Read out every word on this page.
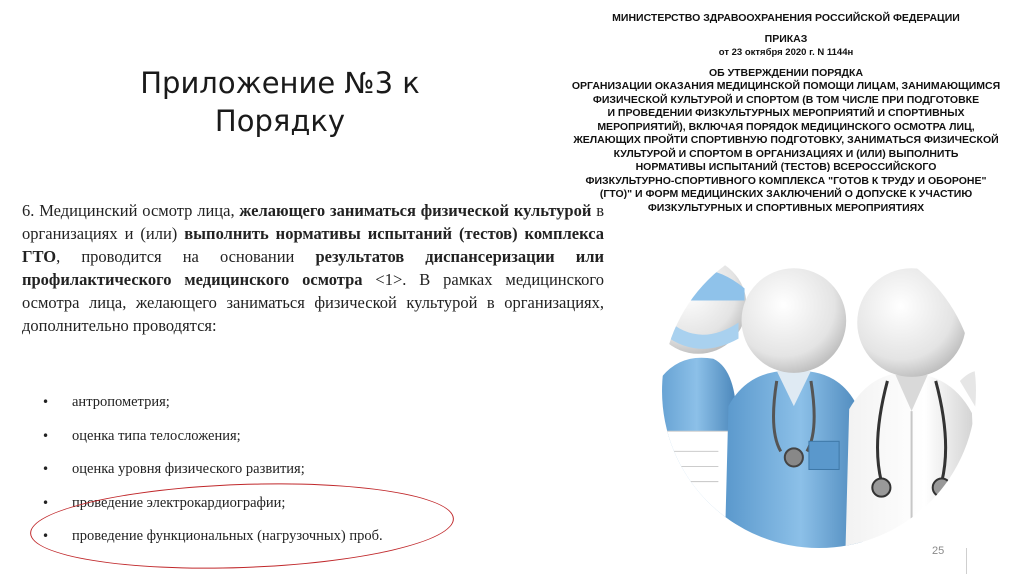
Приложение №3 к
Порядку
МИНИСТЕРСТВО ЗДРАВООХРАНЕНИЯ РОССИЙСКОЙ ФЕДЕРАЦИИ
ПРИКАЗ
от 23 октября 2020 г. N 1144н
ОБ УТВЕРЖДЕНИИ ПОРЯДКА
ОРГАНИЗАЦИИ ОКАЗАНИЯ МЕДИЦИНСКОЙ ПОМОЩИ ЛИЦАМ, ЗАНИМАЮЩИМСЯ
ФИЗИЧЕСКОЙ КУЛЬТУРОЙ И СПОРТОМ (В ТОМ ЧИСЛЕ ПРИ ПОДГОТОВКЕ
И ПРОВЕДЕНИИ ФИЗКУЛЬТУРНЫХ МЕРОПРИЯТИЙ И СПОРТИВНЫХ
МЕРОПРИЯТИЙ), ВКЛЮЧАЯ ПОРЯДОК МЕДИЦИНСКОГО ОСМОТРА ЛИЦ,
ЖЕЛАЮЩИХ ПРОЙТИ СПОРТИВНУЮ ПОДГОТОВКУ, ЗАНИМАТЬСЯ ФИЗИЧЕСКОЙ
КУЛЬТУРОЙ И СПОРТОМ В ОРГАНИЗАЦИЯХ И (ИЛИ) ВЫПОЛНИТЬ
НОРМАТИВЫ ИСПЫТАНИЙ (ТЕСТОВ) ВСЕРОССИЙСКОГО
ФИЗКУЛЬТУРНО-СПОРТИВНОГО КОМПЛЕКСА "ГОТОВ К ТРУДУ И ОБОРОНЕ"
(ГТО)" И ФОРМ МЕДИЦИНСКИХ ЗАКЛЮЧЕНИЙ О ДОПУСКЕ К УЧАСТИЮ
ФИЗКУЛЬТУРНЫХ И СПОРТИВНЫХ МЕРОПРИЯТИЯХ
6. Медицинский осмотр лица, желающего заниматься физической культурой в организациях и (или) выполнить нормативы испытаний (тестов) комплекса ГТО, проводится на основании результатов диспансеризации или профилактического медицинского осмотра <1>. В рамках медицинского осмотра лица, желающего заниматься физической культурой в организациях, дополнительно проводятся:
• антропометрия;
• оценка типа телосложения;
• оценка уровня физического развития;
• проведение электрокардиографии;
• проведение функциональных (нагрузочных) проб.
25
